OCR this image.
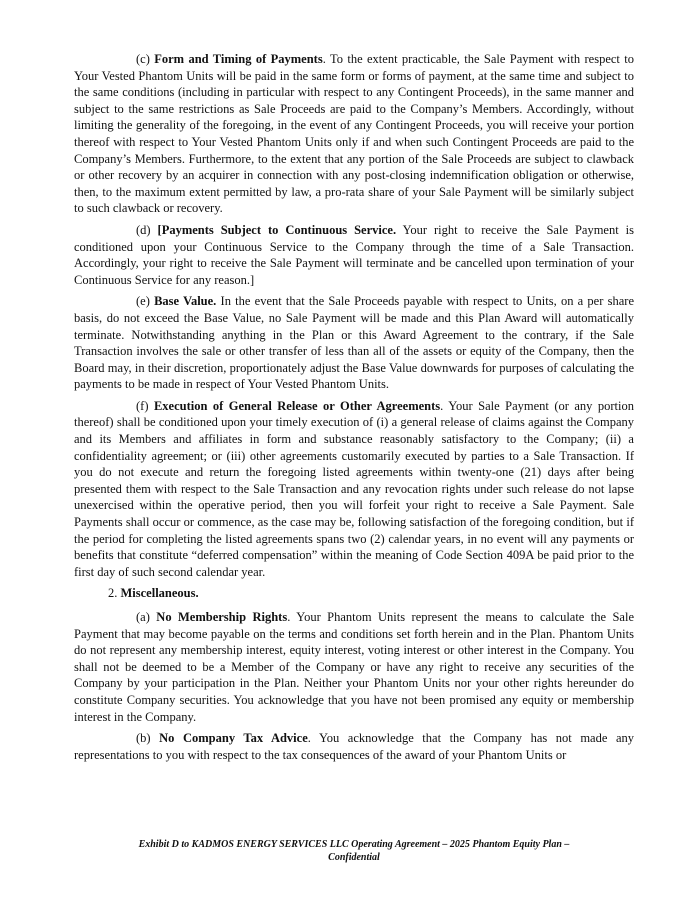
(c) Form and Timing of Payments. To the extent practicable, the Sale Payment with respect to Your Vested Phantom Units will be paid in the same form or forms of payment, at the same time and subject to the same conditions (including in particular with respect to any Contingent Proceeds), in the same manner and subject to the same restrictions as Sale Proceeds are paid to the Company’s Members. Accordingly, without limiting the generality of the foregoing, in the event of any Contingent Proceeds, you will receive your portion thereof with respect to Your Vested Phantom Units only if and when such Contingent Proceeds are paid to the Company’s Members. Furthermore, to the extent that any portion of the Sale Proceeds are subject to clawback or other recovery by an acquirer in connection with any post-closing indemnification obligation or otherwise, then, to the maximum extent permitted by law, a pro-rata share of your Sale Payment will be similarly subject to such clawback or recovery.

(d) [Payments Subject to Continuous Service. Your right to receive the Sale Payment is conditioned upon your Continuous Service to the Company through the time of a Sale Transaction. Accordingly, your right to receive the Sale Payment will terminate and be cancelled upon termination of your Continuous Service for any reason.]

(e) Base Value. In the event that the Sale Proceeds payable with respect to Units, on a per share basis, do not exceed the Base Value, no Sale Payment will be made and this Plan Award will automatically terminate. Notwithstanding anything in the Plan or this Award Agreement to the contrary, if the Sale Transaction involves the sale or other transfer of less than all of the assets or equity of the Company, then the Board may, in their discretion, proportionately adjust the Base Value downwards for purposes of calculating the payments to be made in respect of Your Vested Phantom Units.

(f) Execution of General Release or Other Agreements. Your Sale Payment (or any portion thereof) shall be conditioned upon your timely execution of (i) a general release of claims against the Company and its Members and affiliates in form and substance reasonably satisfactory to the Company; (ii) a confidentiality agreement; or (iii) other agreements customarily executed by parties to a Sale Transaction. If you do not execute and return the foregoing listed agreements within twenty-one (21) days after being presented them with respect to the Sale Transaction and any revocation rights under such release do not lapse unexercised within the operative period, then you will forfeit your right to receive a Sale Payment. Sale Payments shall occur or commence, as the case may be, following satisfaction of the foregoing condition, but if the period for completing the listed agreements spans two (2) calendar years, in no event will any payments or benefits that constitute “deferred compensation” within the meaning of Code Section 409A be paid prior to the first day of such second calendar year.

2. Miscellaneous.

(a) No Membership Rights. Your Phantom Units represent the means to calculate the Sale Payment that may become payable on the terms and conditions set forth herein and in the Plan. Phantom Units do not represent any membership interest, equity interest, voting interest or other interest in the Company. You shall not be deemed to be a Member of the Company or have any right to receive any securities of the Company by your participation in the Plan. Neither your Phantom Units nor your other rights hereunder do constitute Company securities. You acknowledge that you have not been promised any equity or membership interest in the Company.

(b) No Company Tax Advice. You acknowledge that the Company has not made any representations to you with respect to the tax consequences of the award of your Phantom Units or

Exhibit D to KADMOS ENERGY SERVICES LLC Operating Agreement – 2025 Phantom Equity Plan –
Confidential
